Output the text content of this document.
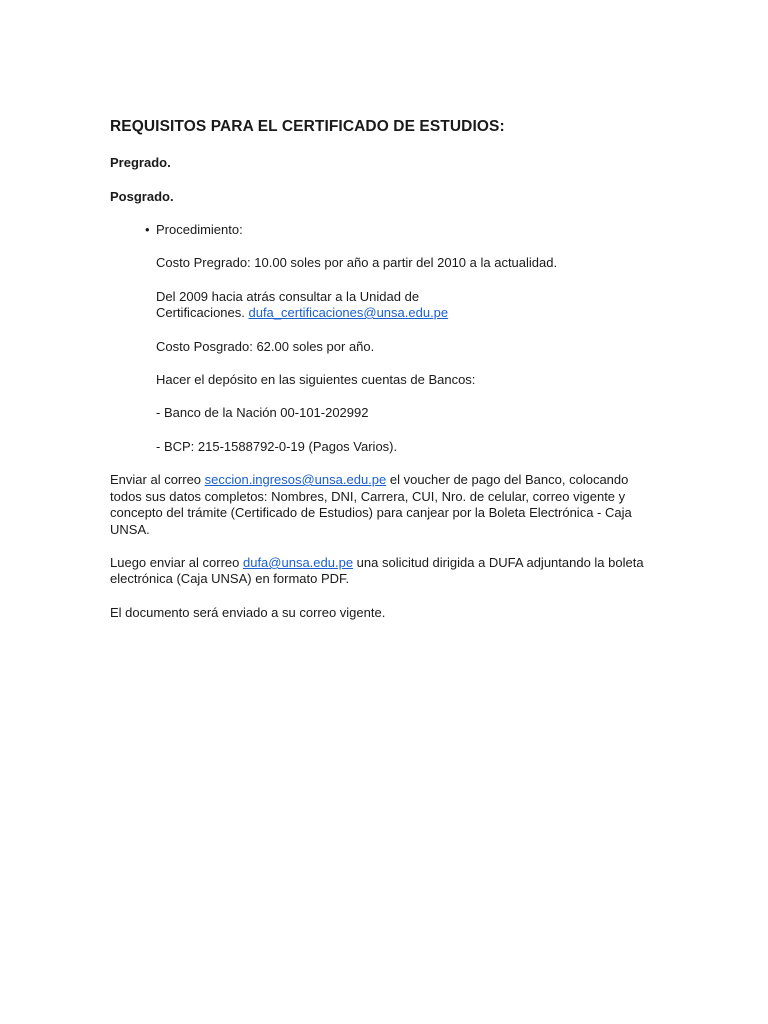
REQUISITOS PARA EL CERTIFICADO DE ESTUDIOS:
Pregrado.
Posgrado.
• Procedimiento:
Costo Pregrado: 10.00 soles por año a partir del 2010 a la actualidad.
Del 2009 hacia atrás consultar a la Unidad de
Certificaciones. dufa_certificaciones@unsa.edu.pe
Costo Posgrado: 62.00 soles por año.
Hacer el depósito en las siguientes cuentas de Bancos:
- Banco de la Nación 00-101-202992
- BCP: 215-1588792-0-19 (Pagos Varios).
Enviar al correo seccion.ingresos@unsa.edu.pe el voucher de pago del Banco, colocando
todos sus datos completos: Nombres, DNI, Carrera, CUI, Nro. de celular, correo vigente y
concepto del trámite (Certificado de Estudios) para canjear por la Boleta Electrónica - Caja
UNSA.
Luego enviar al correo dufa@unsa.edu.pe una solicitud dirigida a DUFA adjuntando la boleta
electrónica (Caja UNSA) en formato PDF.
El documento será enviado a su correo vigente.
